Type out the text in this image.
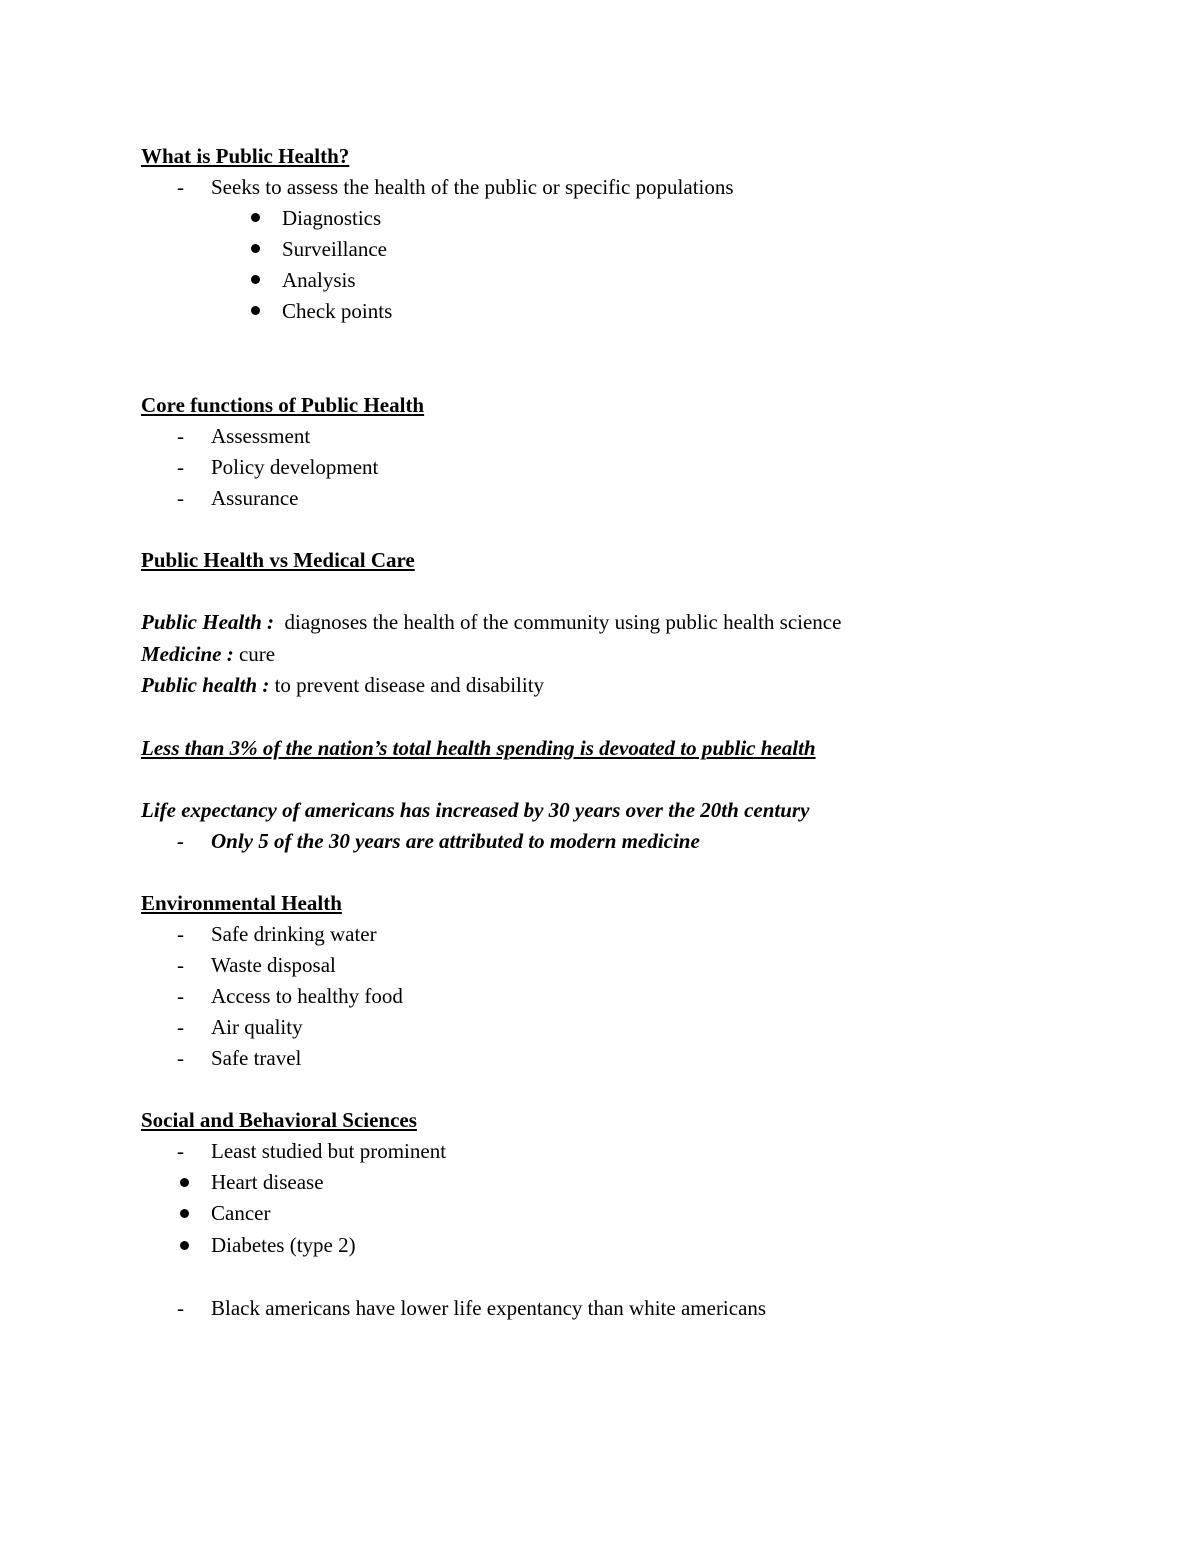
What is Public Health?
- Seeks to assess the health of the public or specific populations
Diagnostics
Surveillance
Analysis
Check points
Core functions of Public Health
- Assessment
- Policy development
- Assurance
Public Health vs Medical Care
Public Health :  diagnoses the health of the community using public health science
Medicine : cure
Public health : to prevent disease and disability
Less than 3% of the nation’s total health spending is devoated to public health
Life expectancy of americans has increased by 30 years over the 20th century
- Only 5 of the 30 years are attributed to modern medicine
Environmental Health
- Safe drinking water
- Waste disposal
- Access to healthy food
- Air quality
- Safe travel
Social and Behavioral Sciences
- Least studied but prominent
Heart disease
Cancer
Diabetes (type 2)
- Black americans have lower life expentancy than white americans
